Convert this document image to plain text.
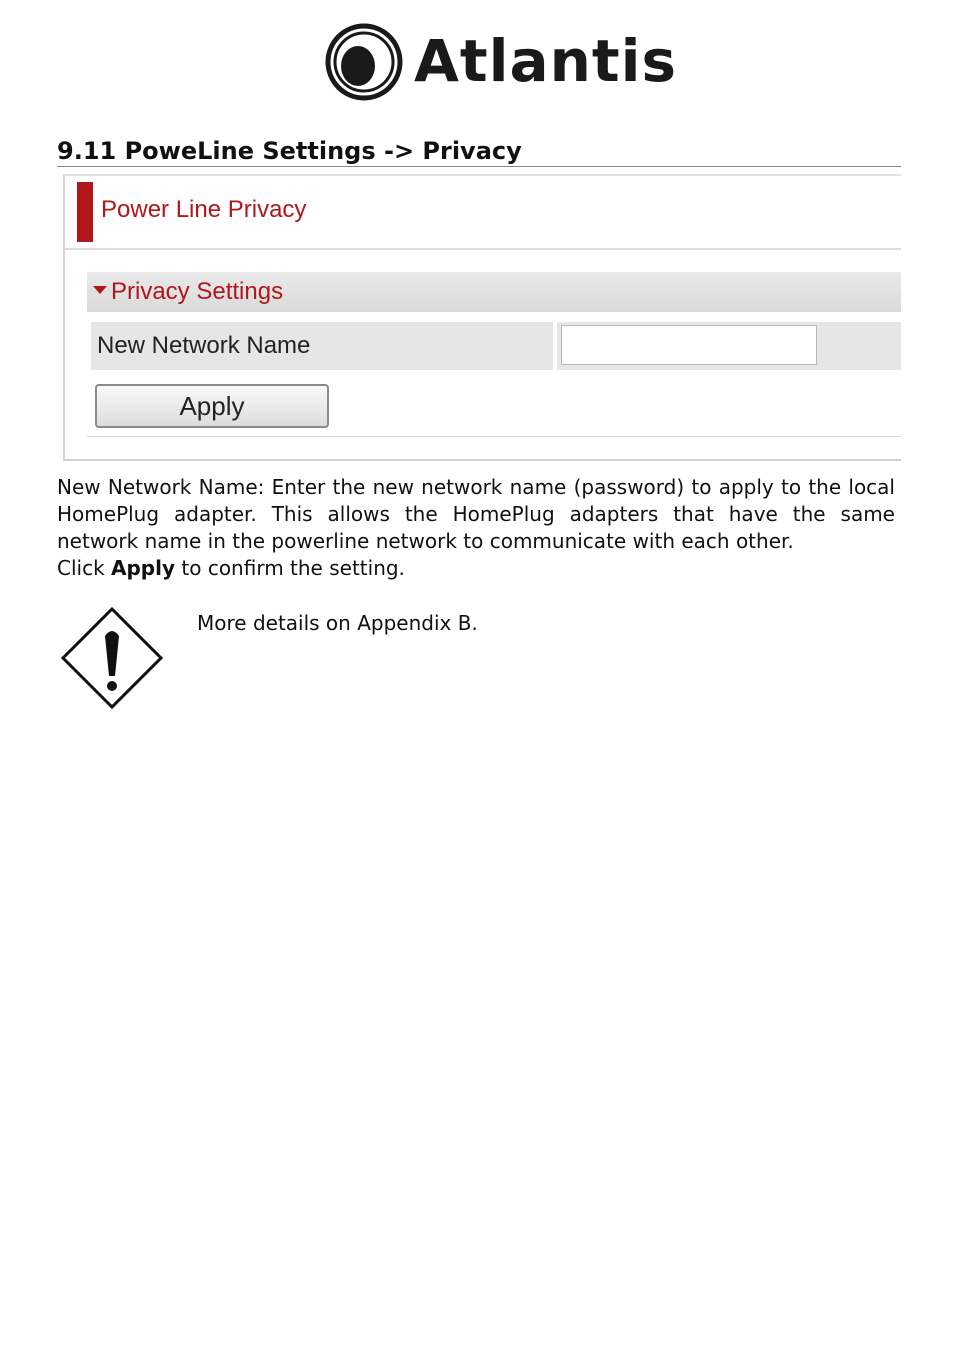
Atlantis
9.11 PoweLine Settings -> Privacy
Power Line Privacy
Privacy Settings
New Network Name
Apply

New Network Name: Enter the new network name (password) to apply to the local HomePlug adapter. This allows the HomePlug adapters that have the same network name in the powerline network to communicate with each other.

Click Apply to confirm the setting.
More details on Appendix B.
